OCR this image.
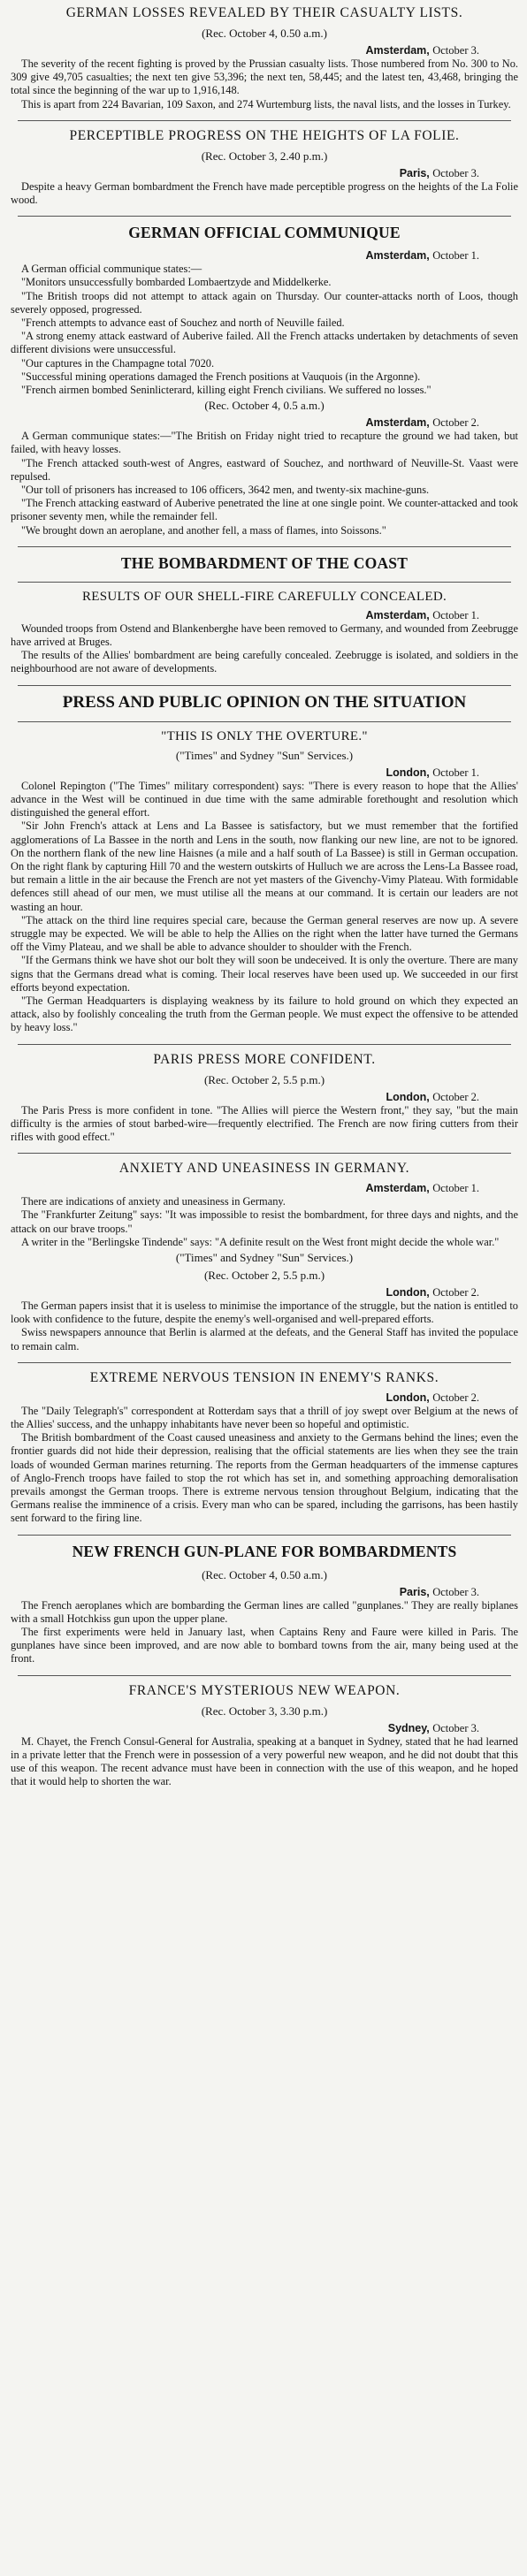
GERMAN LOSSES REVEALED BY THEIR CASUALTY LISTS.
(Rec. October 4, 0.50 a.m.)
Amsterdam, October 3.

The severity of the recent fighting is proved by the Prussian casualty lists. Those numbered from No. 300 to No. 309 give 49,705 casualties; the next ten give 53,396; the next ten, 58,445; and the latest ten, 43,468, bringing the total since the beginning of the war up to 1,916,148.

This is apart from 224 Bavarian, 109 Saxon, and 274 Wurtemburg lists, the naval lists, and the losses in Turkey.

PERCEPTIBLE PROGRESS ON THE HEIGHTS OF LA FOLIE.
(Rec. October 3, 2.40 p.m.)
Paris, October 3.

Despite a heavy German bombardment the French have made perceptible progress on the heights of the La Folie wood.

GERMAN OFFICIAL COMMUNIQUE
Amsterdam, October 1.

A German official communique states:—

"Monitors unsuccessfully bombarded Lombaertzyde and Middelkerke.

"The British troops did not attempt to attack again on Thursday. Our counter-attacks north of Loos, though severely opposed, progressed.

"French attempts to advance east of Souchez and north of Neuville failed.

"A strong enemy attack eastward of Auberive failed. All the French attacks undertaken by detachments of seven different divisions were unsuccessful.

"Our captures in the Champagne total 7020.

"Successful mining operations damaged the French positions at Vauquois (in the Argonne).

"French airmen bombed Seninlicterard, killing eight French civilians. We suffered no losses."

(Rec. October 4, 0.5 a.m.)
Amsterdam, October 2.

A German communique states:—"The British on Friday night tried to recapture the ground we had taken, but failed, with heavy losses.

"The French attacked south-west of Angres, eastward of Souchez, and northward of Neuville-St. Vaast were repulsed.

"Our toll of prisoners has increased to 106 officers, 3642 men, and twenty-six machine-guns.

"The French attacking eastward of Auberive penetrated the line at one single point. We counter-attacked and took prisoner seventy men, while the remainder fell.

"We brought down an aeroplane, and another fell, a mass of flames, into Soissons."

THE BOMBARDMENT OF THE COAST
RESULTS OF OUR SHELL-FIRE CAREFULLY CONCEALED.
Amsterdam, October 1.

Wounded troops from Ostend and Blankenberghe have been removed to Germany, and wounded from Zeebrugge have arrived at Bruges.

The results of the Allies' bombardment are being carefully concealed. Zeebrugge is isolated, and soldiers in the neighbourhood are not aware of developments.

PRESS AND PUBLIC OPINION ON THE SITUATION
"THIS IS ONLY THE OVERTURE."
("Times" and Sydney "Sun" Services.)
London, October 1.

Colonel Repington ("The Times" military correspondent) says: "There is every reason to hope that the Allies' advance in the West will be continued in due time with the same admirable forethought and resolution which distinguished the general effort.

"Sir John French's attack at Lens and La Bassee is satisfactory, but we must remember that the fortified agglomerations of La Bassee in the north and Lens in the south, now flanking our new line, are not to be ignored. On the northern flank of the new line Haisnes (a mile and a half south of La Bassee) is still in German occupation. On the right flank by capturing Hill 70 and the western outskirts of Hulluch we are across the Lens-La Bassee road, but remain a little in the air because the French are not yet masters of the Givenchy-Vimy Plateau. With formidable defences still ahead of our men, we must utilise all the means at our command. It is certain our leaders are not wasting an hour.

"The attack on the third line requires special care, because the German general reserves are now up. A severe struggle may be expected. We will be able to help the Allies on the right when the latter have turned the Germans off the Vimy Plateau, and we shall be able to advance shoulder to shoulder with the French.

"If the Germans think we have shot our bolt they will soon be undeceived. It is only the overture. There are many signs that the Germans dread what is coming. Their local reserves have been used up. We succeeded in our first efforts beyond expectation.

"The German Headquarters is displaying weakness by its failure to hold ground on which they expected an attack, also by foolishly concealing the truth from the German people. We must expect the offensive to be attended by heavy loss."

PARIS PRESS MORE CONFIDENT.
(Rec. October 2, 5.5 p.m.)
London, October 2.

The Paris Press is more confident in tone. "The Allies will pierce the Western front," they say, "but the main difficulty is the armies of stout barbed-wire—frequently electrified. The French are now firing cutters from their rifles with good effect."

ANXIETY AND UNEASINESS IN GERMANY.
Amsterdam, October 1.

There are indications of anxiety and uneasiness in Germany.

The "Frankfurter Zeitung" says: "It was impossible to resist the bombardment, for three days and nights, and the attack on our brave troops."

A writer in the "Berlingske Tindende" says: "A definite result on the West front might decide the whole war."

("Times" and Sydney "Sun" Services.)
(Rec. October 2, 5.5 p.m.)
London, October 2.

The German papers insist that it is useless to minimise the importance of the struggle, but the nation is entitled to look with confidence to the future, despite the enemy's well-organised and well-prepared efforts.

Swiss newspapers announce that Berlin is alarmed at the defeats, and the General Staff has invited the populace to remain calm.

EXTREME NERVOUS TENSION IN ENEMY'S RANKS.
London, October 2.

The "Daily Telegraph's" correspondent at Rotterdam says that a thrill of joy swept over Belgium at the news of the Allies' success, and the unhappy inhabitants have never been so hopeful and optimistic.

The British bombardment of the Coast caused uneasiness and anxiety to the Germans behind the lines; even the frontier guards did not hide their depression, realising that the official statements are lies when they see the train loads of wounded German marines returning. The reports from the German headquarters of the immense captures of Anglo-French troops have failed to stop the rot which has set in, and something approaching demoralisation prevails amongst the German troops. There is extreme nervous tension throughout Belgium, indicating that the Germans realise the imminence of a crisis. Every man who can be spared, including the garrisons, has been hastily sent forward to the firing line.

NEW FRENCH GUN-PLANE FOR BOMBARDMENTS
(Rec. October 4, 0.50 a.m.)
Paris, October 3.

The French aeroplanes which are bombarding the German lines are called "gunplanes." They are really biplanes with a small Hotchkiss gun upon the upper plane.

The first experiments were held in January last, when Captains Reny and Faure were killed in Paris. The gunplanes have since been improved, and are now able to bombard towns from the air, many being used at the front.

FRANCE'S MYSTERIOUS NEW WEAPON.
(Rec. October 3, 3.30 p.m.)
Sydney, October 3.

M. Chayet, the French Consul-General for Australia, speaking at a banquet in Sydney, stated that he had learned in a private letter that the French were in possession of a very powerful new weapon, and he did not doubt that this use of this weapon. The recent advance must have been in connection with the use of this weapon, and he hoped that it would help to shorten the war.
